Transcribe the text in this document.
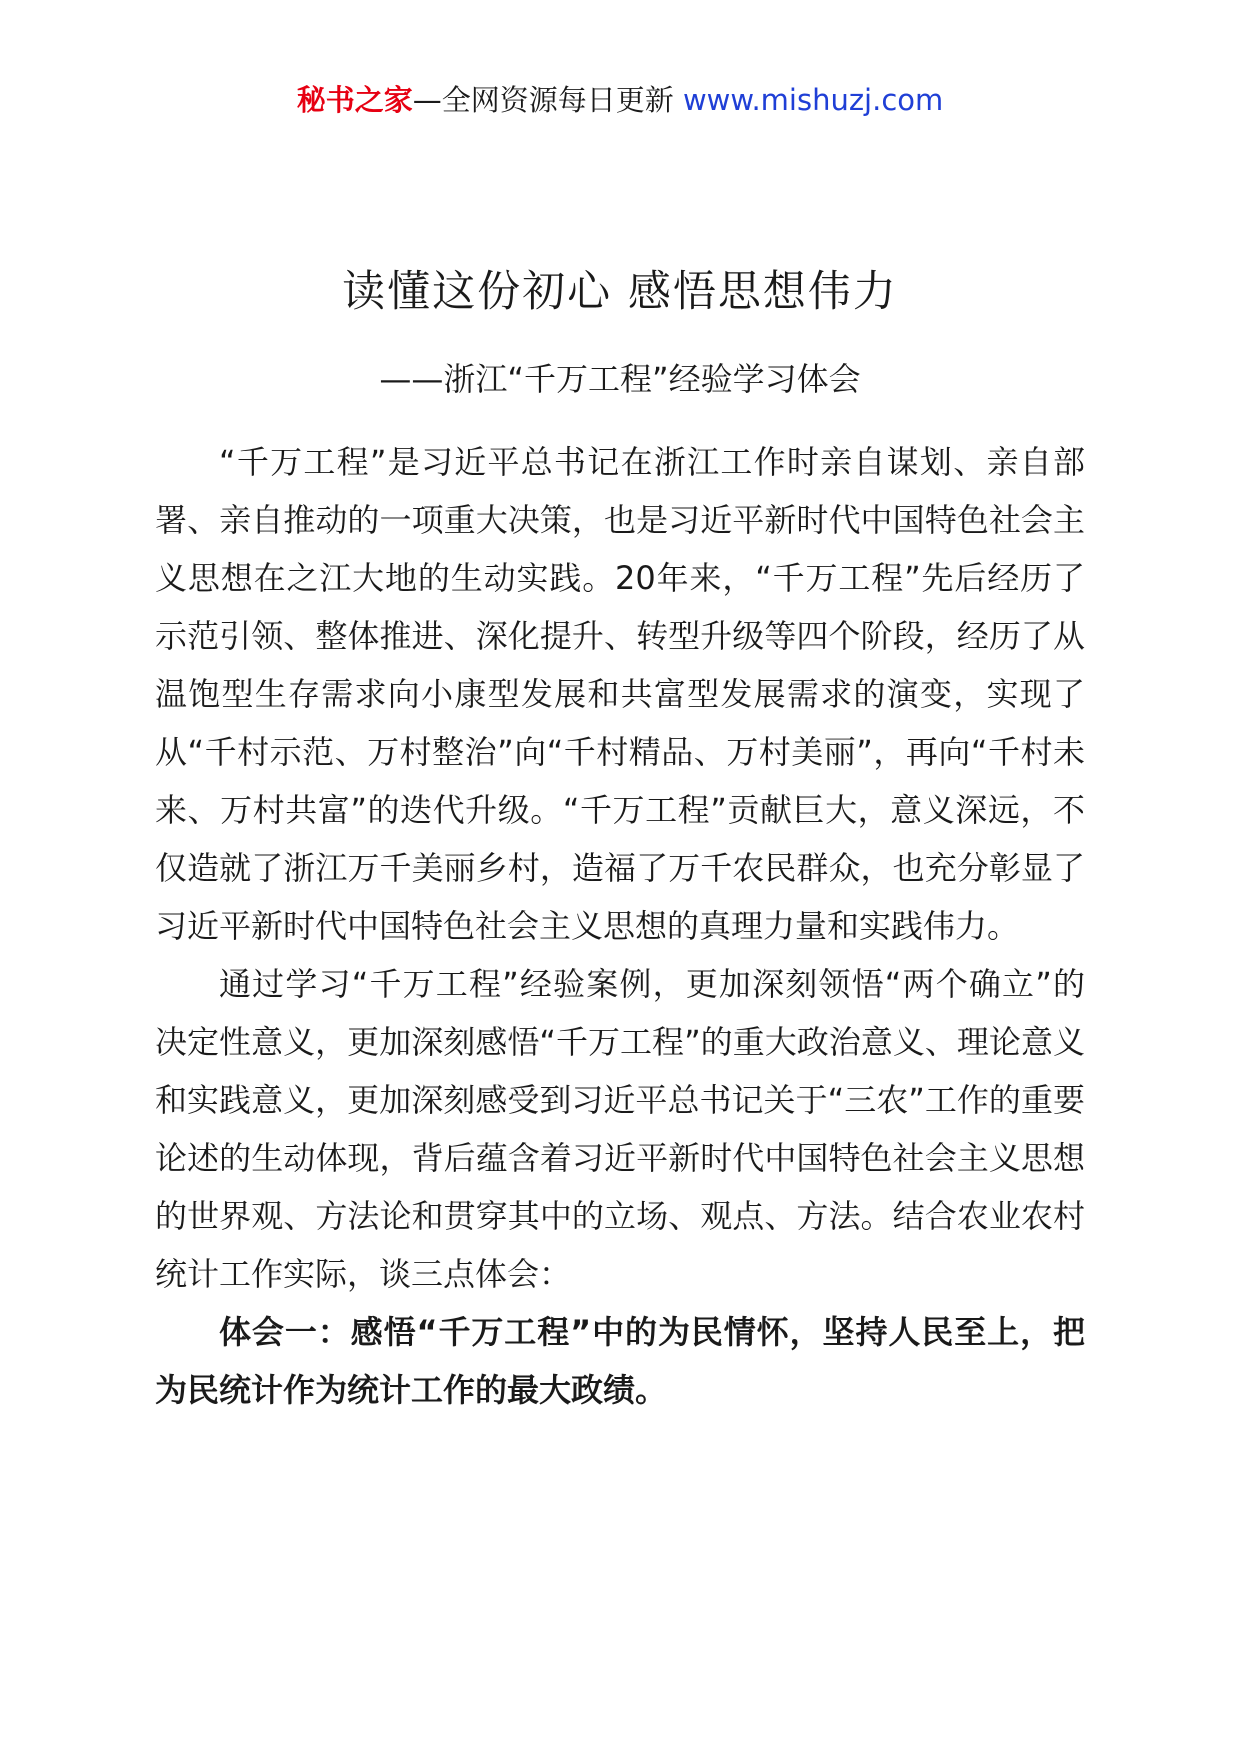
秘书之家—全网资源每日更新 www.mishuzj.com
读懂这份初心 感悟思想伟力
——浙江“千万工程”经验学习体会

“千万工程”是习近平总书记在浙江工作时亲自谋划、亲自部署、亲自推动的一项重大决策，也是习近平新时代中国特色社会主义思想在之江大地的生动实践。20年来，“千万工程”先后经历了示范引领、整体推进、深化提升、转型升级等四个阶段，经历了从温饱型生存需求向小康型发展和共富型发展需求的演变，实现了从“千村示范、万村整治”向“千村精品、万村美丽”，再向“千村未来、万村共富”的迭代升级。“千万工程”贡献巨大，意义深远，不仅造就了浙江万千美丽乡村，造福了万千农民群众，也充分彰显了习近平新时代中国特色社会主义思想的真理力量和实践伟力。

通过学习“千万工程”经验案例，更加深刻领悟“两个确立”的决定性意义，更加深刻感悟“千万工程”的重大政治意义、理论意义和实践意义，更加深刻感受到习近平总书记关于“三农”工作的重要论述的生动体现，背后蕴含着习近平新时代中国特色社会主义思想的世界观、方法论和贯穿其中的立场、观点、方法。结合农业农村统计工作实际，谈三点体会：

体会一：感悟“千万工程”中的为民情怀，坚持人民至上，把为民统计作为统计工作的最大政绩。
